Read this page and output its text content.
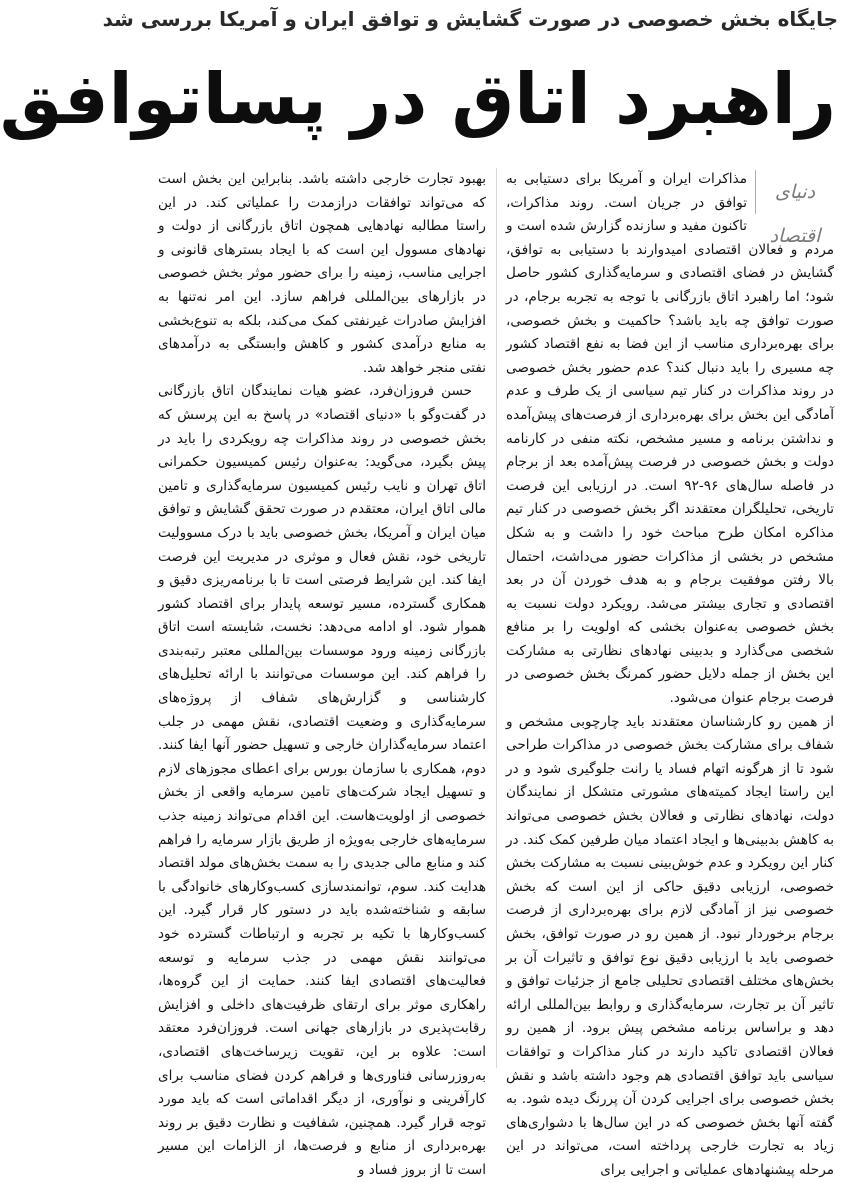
جایگاه بخش خصوصی در صورت گشایش و توافق ایران و آمریکا بررسی شد
راهبرد اتاق در پساتوافق
دنیای اقتصاد

مذاکرات ایران و آمریکا برای دستیابی به توافق در جریان است. روند مذاکرات، تاکنون مفید و سازنده گزارش شده است و مردم و فعالان اقتصادی امیدوارند با دستیابی به توافق، گشایش در فضای اقتصادی و سرمایه‌گذاری کشور حاصل شود؛ اما راهبرد اتاق بازرگانی با توجه به تجربه برجام، در صورت توافق چه باید باشد؟ حاکمیت و بخش خصوصی، برای بهره‌برداری مناسب از این فضا به نفع اقتصاد کشور چه مسیری را باید دنبال کند؟ عدم حضور بخش خصوصی در روند مذاکرات در کنار تیم سیاسی از یک طرف و عدم آمادگی این بخش برای بهره‌برداری از فرصت‌های پیش‌آمده و نداشتن برنامه و مسیر مشخص، نکته منفی در کارنامه دولت و بخش خصوصی در فرصت پیش‌آمده بعد از برجام در فاصله سال‌های ۹۶-۹۲ است. در ارزیابی این فرصت تاریخی، تحلیلگران معتقدند اگر بخش خصوصی در کنار تیم مذاکره امکان طرح مباحث خود را داشت و به شکل مشخص در بخشی از مذاکرات حضور می‌داشت، احتمال بالا رفتن موفقیت برجام و به هدف خوردن آن در بعد اقتصادی و تجاری بیشتر می‌شد. رویکرد دولت نسبت به بخش خصوصی به‌عنوان بخشی که اولویت را بر منافع شخصی می‌گذارد و بدبینی نهادهای نظارتی به مشارکت این بخش از جمله دلایل حضور کمرنگ بخش خصوصی در فرصت برجام عنوان می‌شود.

از همین رو کارشناسان معتقدند باید چارچوبی مشخص و شفاف برای مشارکت بخش خصوصی در مذاکرات طراحی شود تا از هرگونه اتهام فساد یا رانت جلوگیری شود و در این راستا ایجاد کمیته‌های مشورتی متشکل از نمایندگان دولت، نهادهای نظارتی و فعالان بخش خصوصی می‌تواند به کاهش بدبینی‌ها و ایجاد اعتماد میان طرفین کمک کند. در کنار این رویکرد و عدم خوش‌بینی نسبت به مشارکت بخش خصوصی، ارزیابی دقیق حاکی از این است که بخش خصوصی نیز از آمادگی لازم برای بهره‌برداری از فرصت برجام برخوردار نبود. از همین رو در صورت توافق، بخش خصوصی باید با ارزیابی دقیق نوع توافق و تاثیرات آن بر بخش‌های مختلف اقتصادی تحلیلی جامع از جزئیات توافق و تاثیر آن بر تجارت، سرمایه‌گذاری و روابط بین‌المللی ارائه دهد و براساس برنامه مشخص پیش برود. از همین رو فعالان اقتصادی تاکید دارند در کنار مذاکرات و توافقات سیاسی باید توافق اقتصادی هم وجود داشته باشد و نقش بخش خصوصی برای اجرایی کردن آن پررنگ دیده شود. به گفته آنها بخش خصوصی که در این سال‌ها با دشواری‌های زیاد به تجارت خارجی پرداخته است، می‌تواند در این مرحله پیشنهادهای عملیاتی و اجرایی برای

بهبود تجارت خارجی داشته باشد. بنابراین این بخش است که می‌تواند توافقات درازمدت را عملیاتی کند. در این راستا مطالبه نهادهایی همچون اتاق بازرگانی از دولت و نهادهای مسوول این است که با ایجاد بسترهای قانونی و اجرایی مناسب، زمینه را برای حضور موثر بخش خصوصی در بازارهای بین‌المللی فراهم سازد. این امر نه‌تنها به افزایش صادرات غیرنفتی کمک می‌کند، بلکه به تنوع‌بخشی به منابع درآمدی کشور و کاهش وابستگی به درآمدهای نفتی منجر خواهد شد.

حسن فروزان‌فرد، عضو هیات نمایندگان اتاق بازرگانی در گفت‌وگو با «دنیای اقتصاد» در پاسخ به این پرسش که بخش خصوصی در روند مذاکرات چه رویکردی را باید در پیش بگیرد، می‌گوید: به‌عنوان رئیس کمیسیون حکمرانی اتاق تهران و نایب رئیس کمیسیون سرمایه‌گذاری و تامین مالی اتاق ایران، معتقدم در صورت تحقق گشایش و توافق میان ایران و آمریکا، بخش خصوصی باید با درک مسوولیت تاریخی خود، نقش فعال و موثری در مدیریت این فرصت ایفا کند. این شرایط فرصتی است تا با برنامه‌ریزی دقیق و همکاری گسترده، مسیر توسعه پایدار برای اقتصاد کشور هموار شود. او ادامه می‌دهد: نخست، شایسته است اتاق بازرگانی زمینه ورود موسسات بین‌المللی معتبر رتبه‌بندی را فراهم کند. این موسسات می‌توانند با ارائه تحلیل‌های کارشناسی و گزارش‌های شفاف از پروژه‌های سرمایه‌گذاری و وضعیت اقتصادی، نقش مهمی در جلب اعتماد سرمایه‌گذاران خارجی و تسهیل حضور آنها ایفا کنند. دوم، همکاری با سازمان بورس برای اعطای مجوزهای لازم و تسهیل ایجاد شرکت‌های تامین سرمایه واقعی از بخش خصوصی از اولویت‌هاست. این اقدام می‌تواند زمینه جذب سرمایه‌های خارجی به‌ویژه از طریق بازار سرمایه را فراهم کند و منابع مالی جدیدی را به سمت بخش‌های مولد اقتصاد هدایت کند. سوم، توانمندسازی کسب‌وکارهای خانوادگی با سابقه و شناخته‌شده باید در دستور کار قرار گیرد. این کسب‌وکارها با تکیه بر تجربه و ارتباطات گسترده خود می‌توانند نقش مهمی در جذب سرمایه و توسعه فعالیت‌های اقتصادی ایفا کنند. حمایت از این گروه‌ها، راهکاری موثر برای ارتقای ظرفیت‌های داخلی و افزایش رقابت‌پذیری در بازارهای جهانی است. فروزان‌فرد معتقد است: علاوه بر این، تقویت زیرساخت‌های اقتصادی، به‌روزرسانی فناوری‌ها و فراهم کردن فضای مناسب برای کارآفرینی و نوآوری، از دیگر اقداماتی است که باید مورد توجه قرار گیرد. همچنین، شفافیت و نظارت دقیق بر روند بهره‌برداری از منابع و فرصت‌ها، از الزامات این مسیر است تا از بروز فساد و
